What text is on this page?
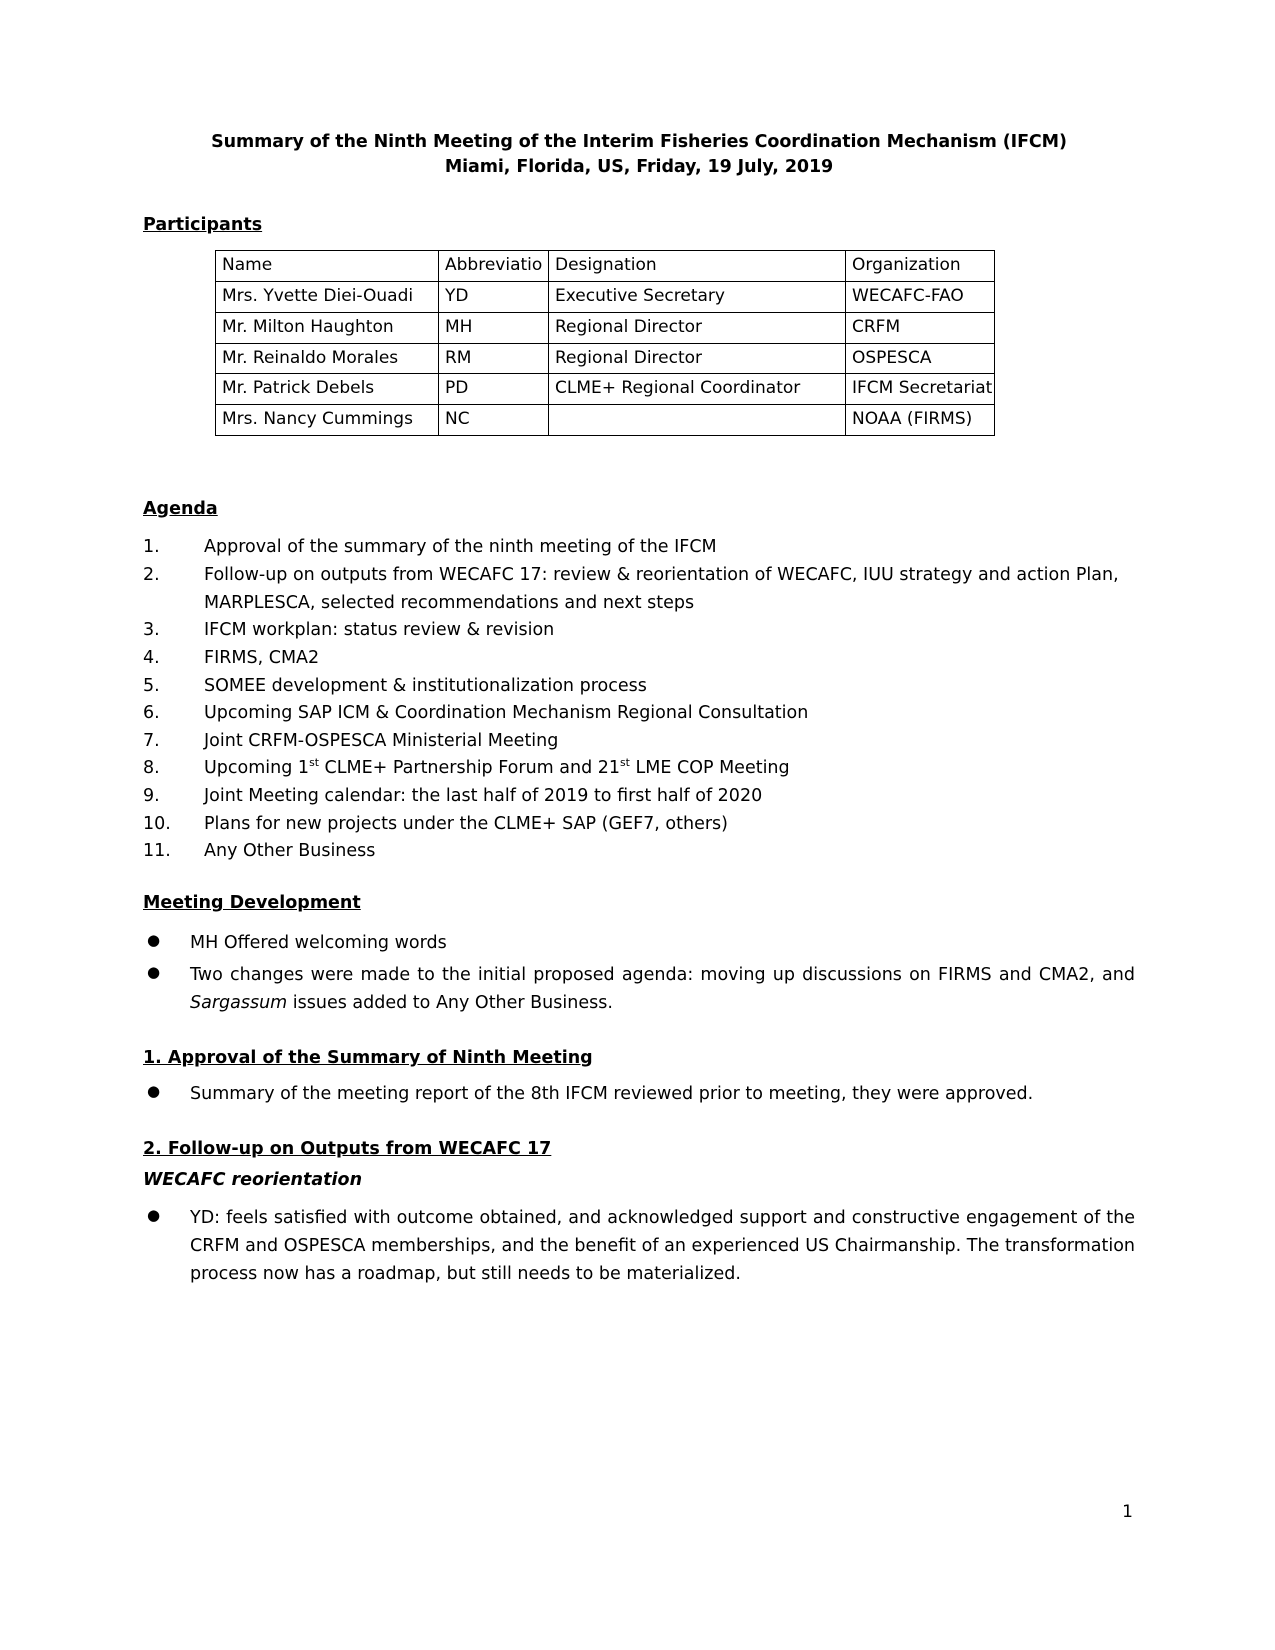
Summary of the Ninth Meeting of the Interim Fisheries Coordination Mechanism (IFCM)
Miami, Florida, US, Friday, 19 July, 2019
Participants
Name	Abbreviatio	Designation	Organization
Mrs. Yvette Diei-Ouadi	YD	Executive Secretary	WECAFC-FAO
Mr. Milton Haughton	MH	Regional Director	CRFM
Mr. Reinaldo Morales	RM	Regional Director	OSPESCA
Mr. Patrick Debels	PD	CLME+ Regional Coordinator	IFCM Secretariat
Mrs. Nancy Cummings	NC		NOAA (FIRMS)
Agenda
1.	Approval of the summary of the ninth meeting of the IFCM
2.	Follow-up on outputs from WECAFC 17: review & reorientation of WECAFC, IUU strategy and action Plan, MARPLESCA, selected recommendations and next steps
3.	IFCM workplan: status review & revision
4.	FIRMS, CMA2
5.	SOMEE development & institutionalization process
6.	Upcoming SAP ICM & Coordination Mechanism Regional Consultation
7.	Joint CRFM-OSPESCA Ministerial Meeting
8.	Upcoming 1st CLME+ Partnership Forum and 21st LME COP Meeting
9.	Joint Meeting calendar: the last half of 2019 to first half of 2020
10.	Plans for new projects under the CLME+ SAP (GEF7, others)
11.	Any Other Business
Meeting Development
● MH Offered welcoming words
● Two changes were made to the initial proposed agenda: moving up discussions on FIRMS and CMA2, and Sargassum issues added to Any Other Business.
1. Approval of the Summary of Ninth Meeting
● Summary of the meeting report of the 8th IFCM reviewed prior to meeting, they were approved.
2. Follow-up on Outputs from WECAFC 17
WECAFC reorientation
● YD: feels satisfied with outcome obtained, and acknowledged support and constructive engagement of the CRFM and OSPESCA memberships, and the benefit of an experienced US Chairmanship. The transformation process now has a roadmap, but still needs to be materialized.
1
